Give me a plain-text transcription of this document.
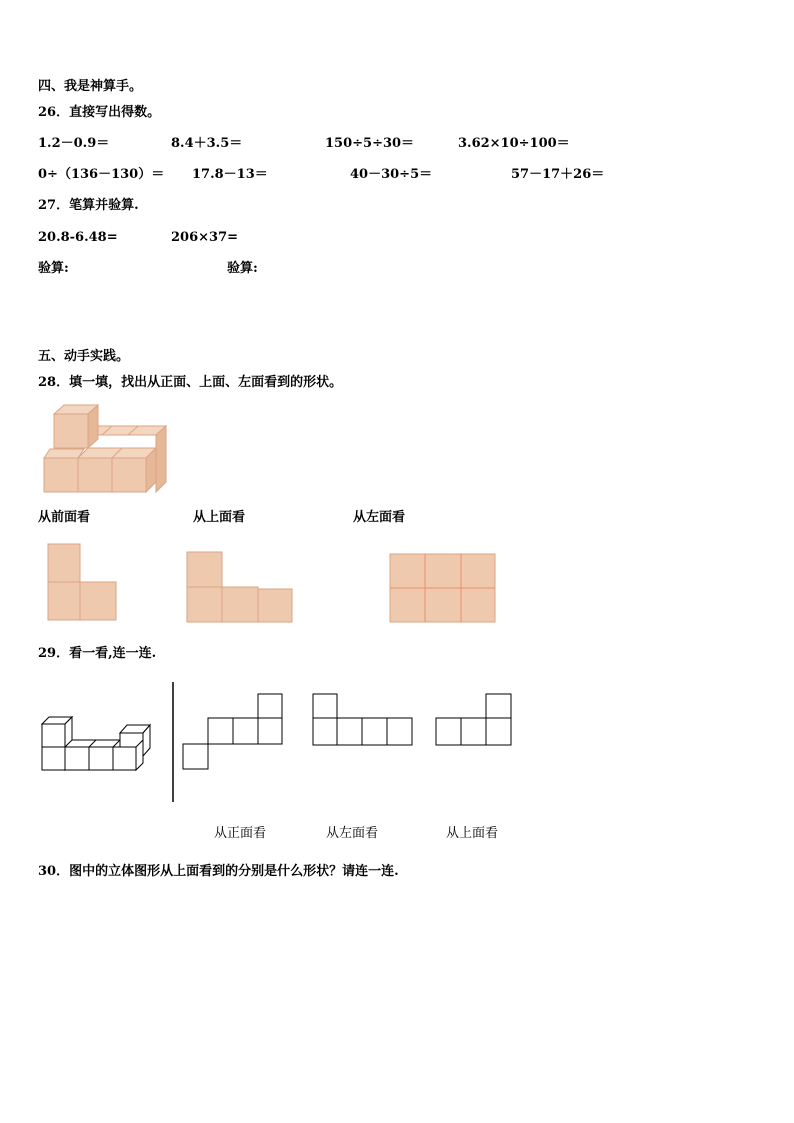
四、我是神算手。
26．直接写出得数。
1.2－0.9＝	8.4＋3.5＝	150÷5÷30＝	3.62×10÷100＝
0÷（136－130）＝ 17.8－13＝	40－30÷5＝	57－17＋26＝
27．笔算并验算.
20.8-6.48=	206×37=
验算:	验算:
五、动手实践。
28．填一填，找出从正面、上面、左面看到的形状。
从前面看	从上面看	从左面看
29．看一看,连一连.
从正面看	从左面看	从上面看
30．图中的立体图形从上面看到的分别是什么形状？请连一连.
